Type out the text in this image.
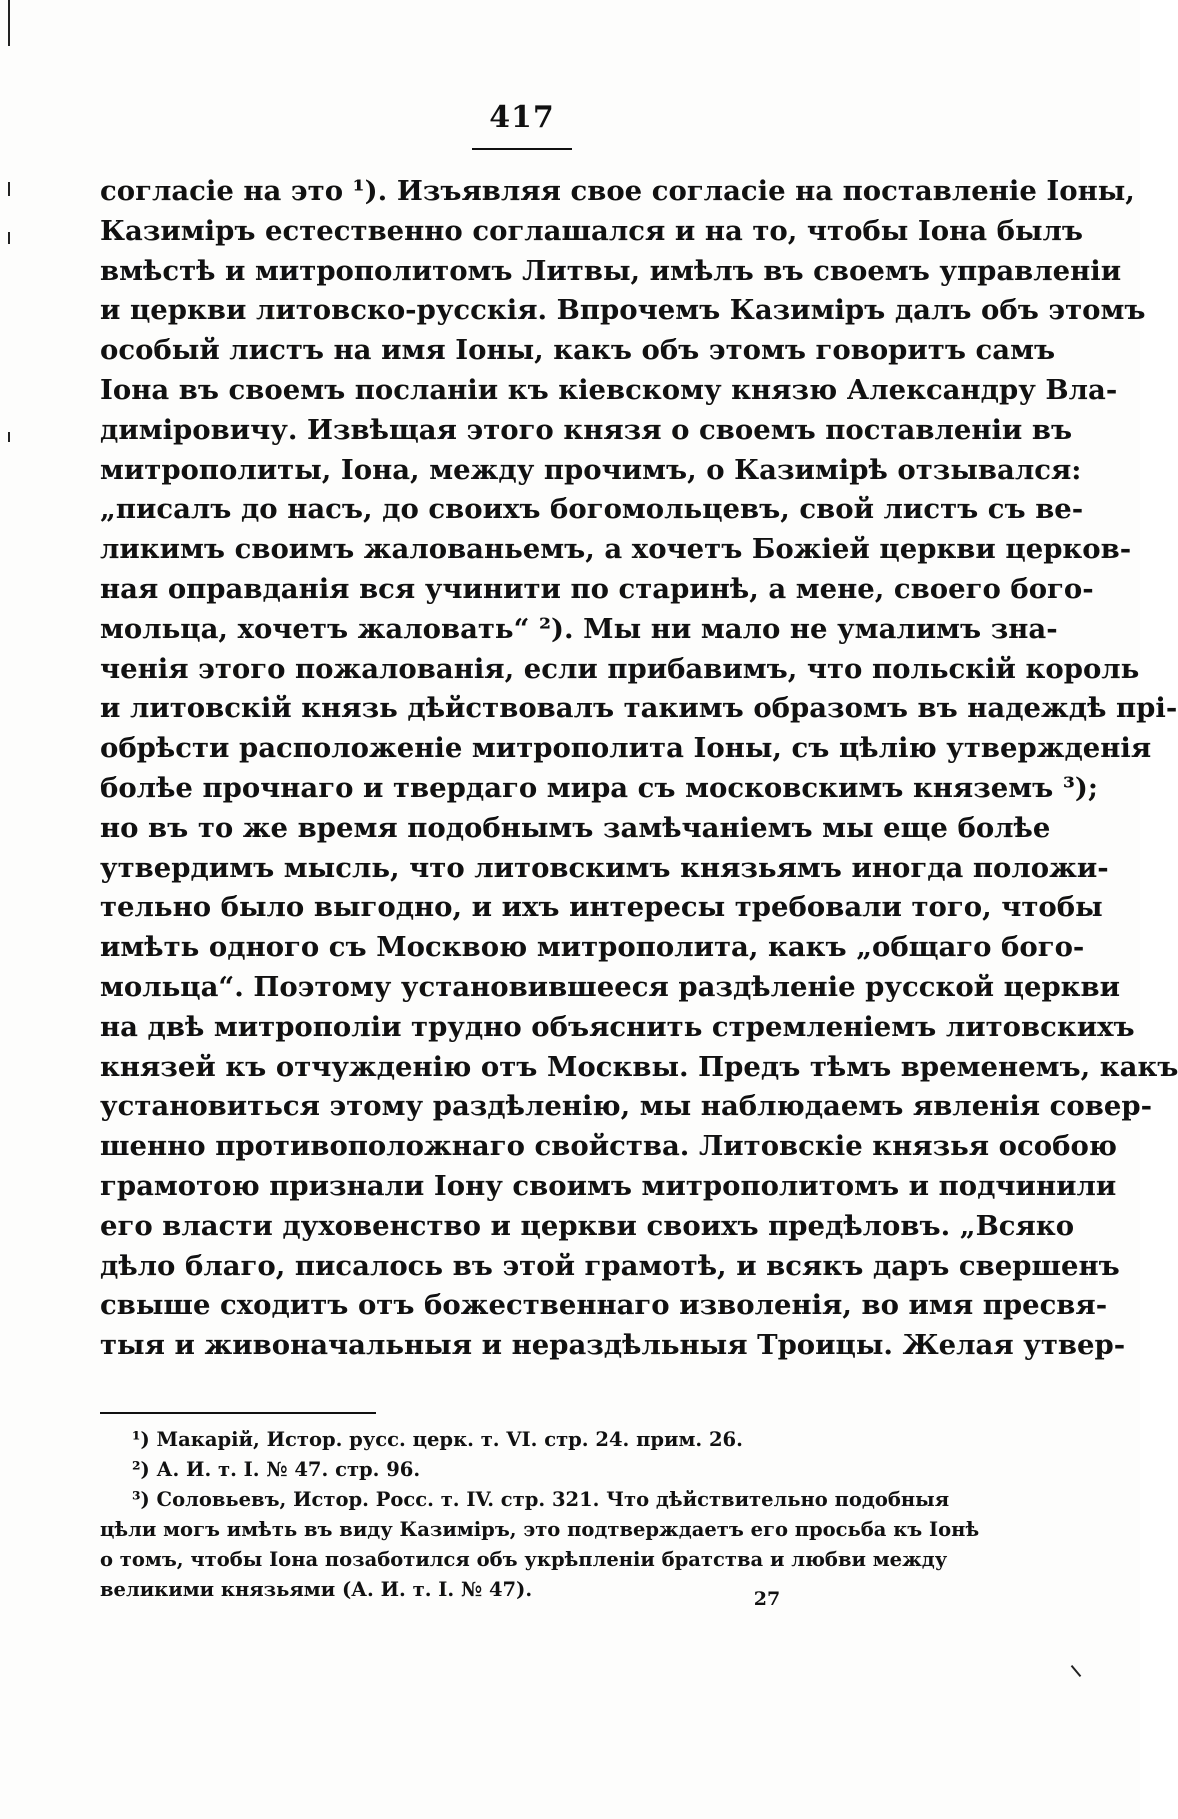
417
согласіе на это ¹). Изъявляя свое согласіе на поставленіе Іоны,
Казиміръ естественно соглашался и на то, чтобы Іона былъ
вмѣстѣ и митрополитомъ Литвы, имѣлъ въ своемъ управленіи
и церкви литовско-русскія. Впрочемъ Казиміръ далъ объ этомъ
особый листъ на имя Іоны, какъ объ этомъ говоритъ самъ
Іона въ своемъ посланіи къ кіевскому князю Александру Вла-
диміровичу. Извѣщая этого князя о своемъ поставленіи въ
митрополиты, Іона, между прочимъ, о Казимірѣ отзывался:
„писалъ до насъ, до своихъ богомольцевъ, свой листъ съ ве-
ликимъ своимъ жалованьемъ, а хочетъ Божіей церкви церков-
ная оправданія вся учинити по старинѣ, а мене, своего бого-
мольца, хочетъ жаловать“ ²). Мы ни мало не умалимъ зна-
ченія этого пожалованія, если прибавимъ, что польскій король
и литовскій князь дѣйствовалъ такимъ образомъ въ надеждѣ прі-
обрѣсти расположеніе митрополита Іоны, съ цѣлію утвержденія
болѣе прочнаго и твердаго мира съ московскимъ княземъ ³);
но въ то же время подобнымъ замѣчаніемъ мы еще болѣе
утвердимъ мысль, что литовскимъ князьямъ иногда положи-
тельно было выгодно, и ихъ интересы требовали того, чтобы
имѣть одного съ Москвою митрополита, какъ „общаго бого-
мольца“. Поэтому установившееся раздѣленіе русской церкви
на двѣ митрополіи трудно объяснить стремленіемъ литовскихъ
князей къ отчужденію отъ Москвы. Предъ тѣмъ временемъ, какъ
установиться этому раздѣленію, мы наблюдаемъ явленія совер-
шенно противоположнаго свойства. Литовскіе князья особою
грамотою признали Іону своимъ митрополитомъ и подчинили
его власти духовенство и церкви своихъ предѣловъ. „Всяко
дѣло благо, писалось въ этой грамотѣ, и всякъ даръ свершенъ
свыше сходитъ отъ божественнаго изволенія, во имя пресвя-
тыя и живоначальныя и нераздѣльныя Троицы. Желая утвер-
¹) Макарій, Истор. русс. церк. т. VI. стр. 24. прим. 26.
²) А. И. т. I. № 47. стр. 96.
³) Соловьевъ, Истор. Росс. т. IV. стр. 321. Что дѣйствительно подобныя
цѣли могъ имѣть въ виду Казиміръ, это подтверждаетъ его просьба къ Іонѣ
о томъ, чтобы Іона позаботился объ укрѣпленіи братства и любви между
великими князьями (А. И. т. I. № 47).	27
